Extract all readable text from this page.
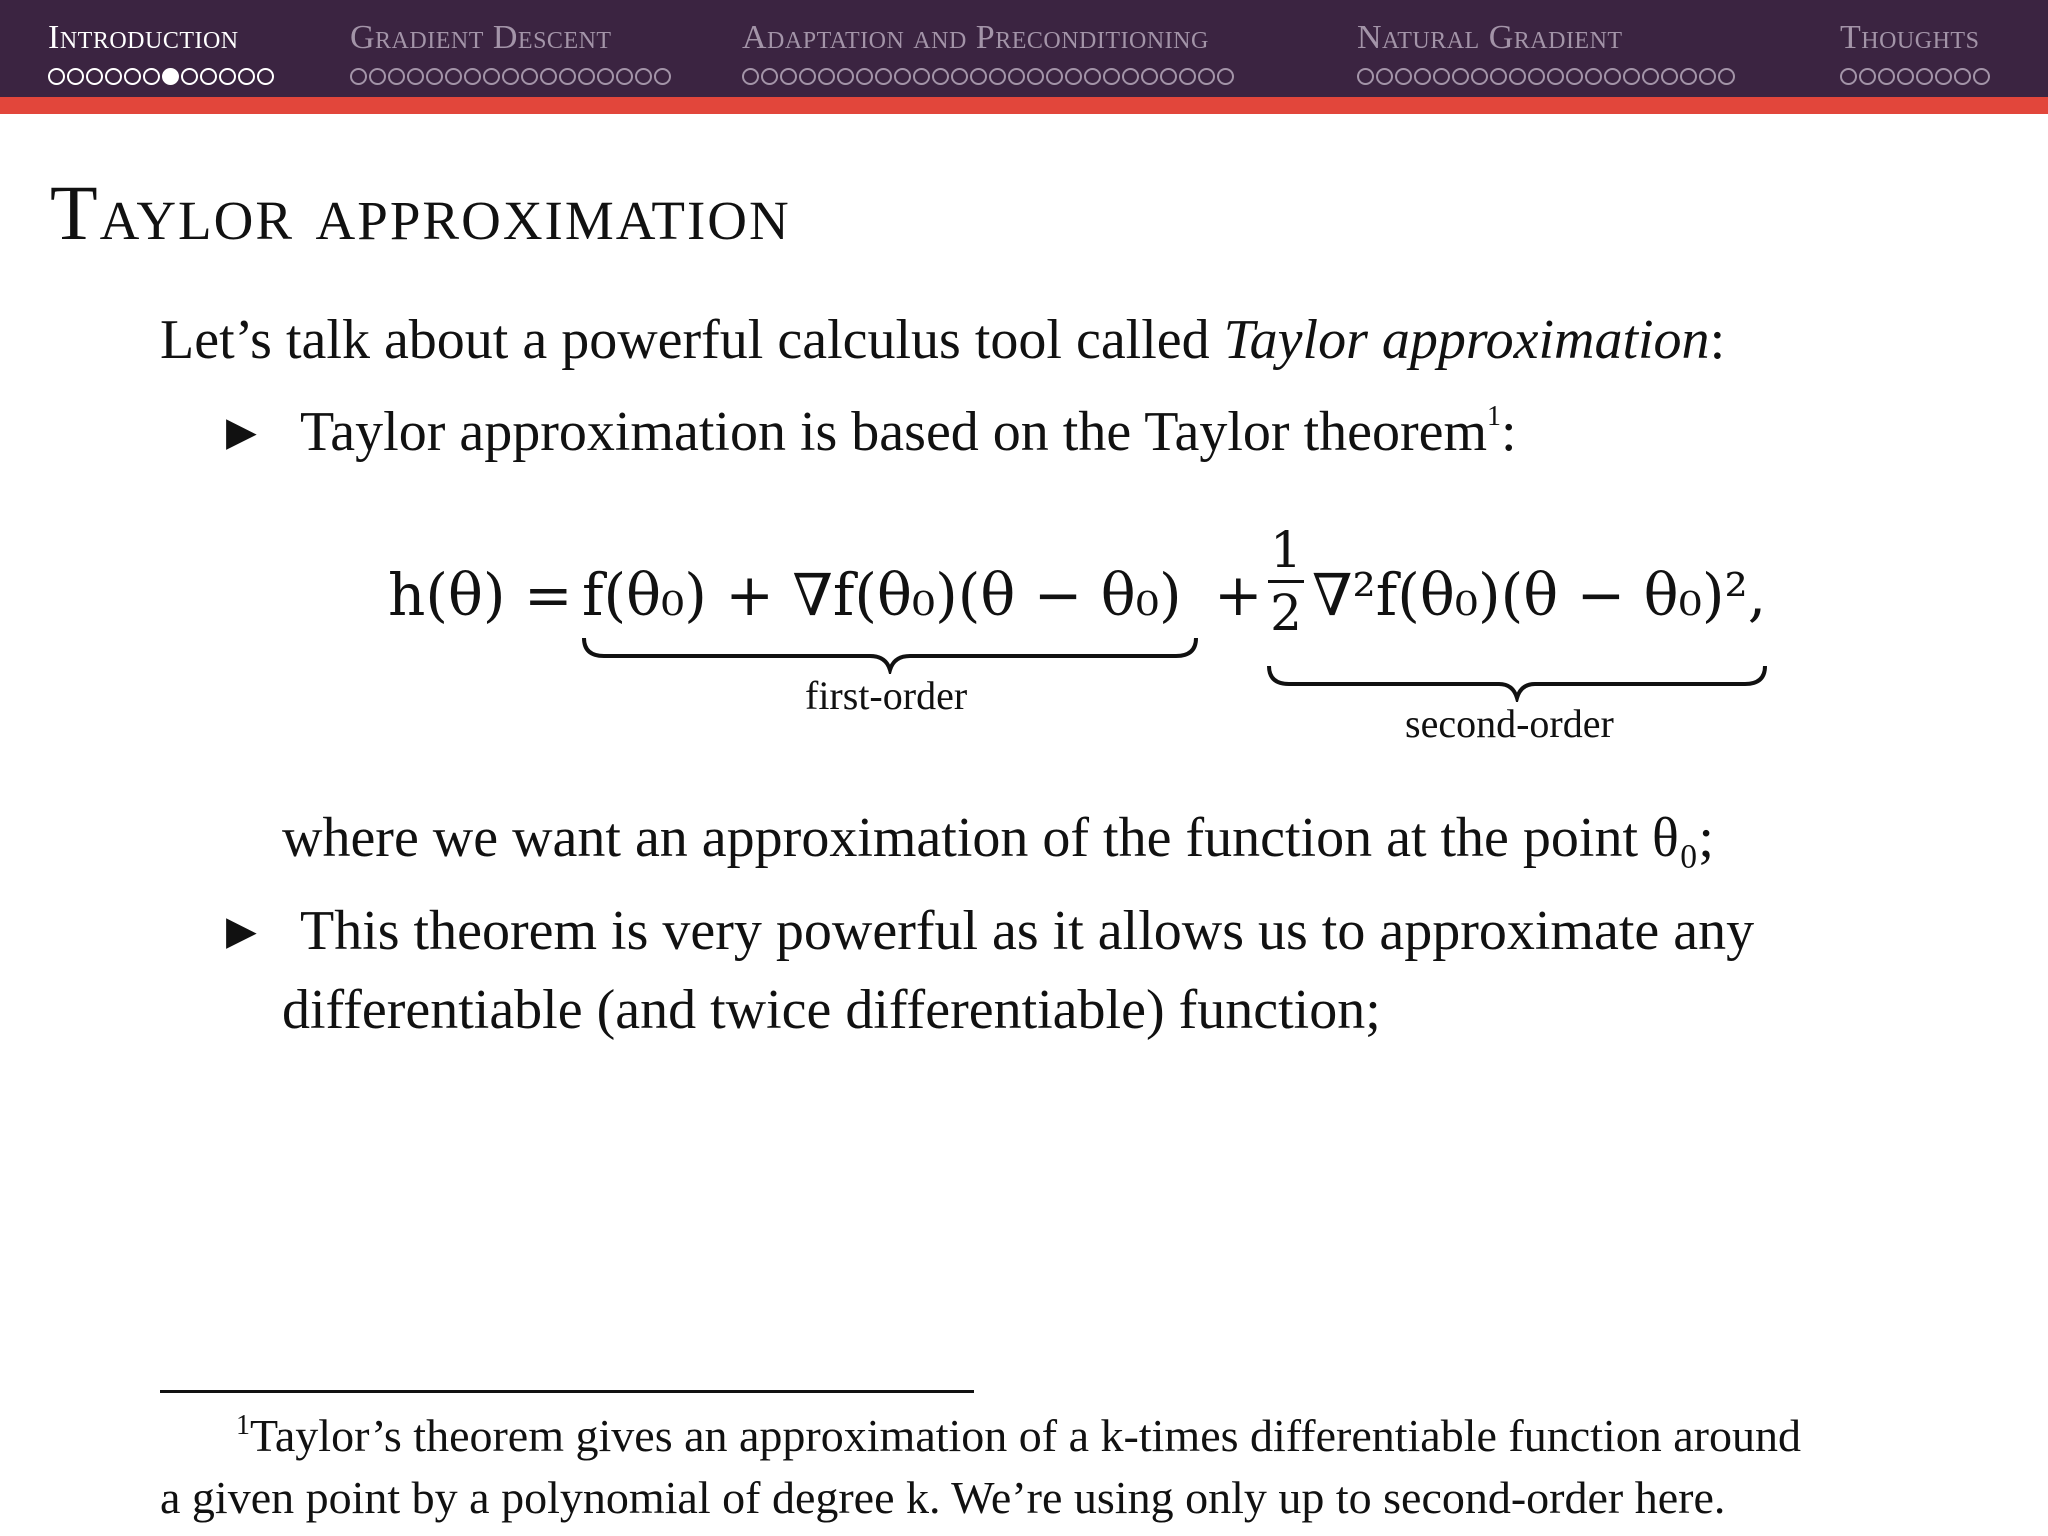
Introduction	Gradient Descent	Adaptation and Preconditioning	Natural Gradient	Thoughts
Taylor approximation
Let’s talk about a powerful calculus tool called Taylor approximation:
▶ Taylor approximation is based on the Taylor theorem$^1$:
h(θ) = f(θ₀) + ∇f(θ₀)(θ − θ₀) +
1
2 ∇²f(θ₀)(θ − θ₀)²,
first-order
second-order
where we want an approximation of the function at the point θ₀;
▶ This theorem is very powerful as it allows us to approximate any
differentiable (and twice differentiable) function;
$^1$Taylor’s theorem gives an approximation of a k-times differentiable function around
a given point by a polynomial of degree k. We’re using only up to second-order here.
